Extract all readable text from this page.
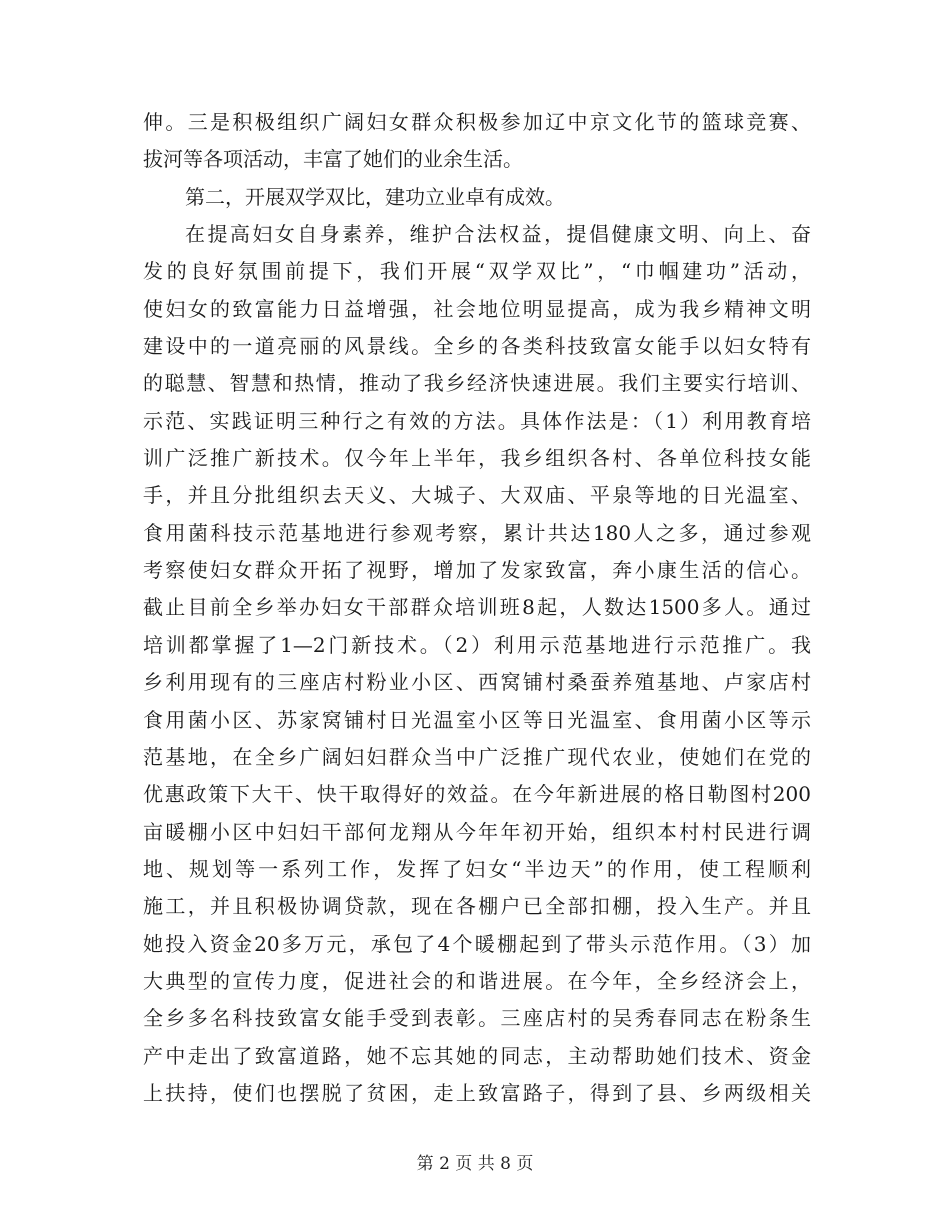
伸。三是积极组织广阔妇女群众积极参加辽中京文化节的篮球竞赛、
拔河等各项活动，丰富了她们的业余生活。
第二，开展双学双比，建功立业卓有成效。
在提高妇女自身素养，维护合法权益，提倡健康文明、向上、奋
发的良好氛围前提下，我们开展“双学双比”，“巾帼建功”活动，
使妇女的致富能力日益增强，社会地位明显提高，成为我乡精神文明
建设中的一道亮丽的风景线。全乡的各类科技致富女能手以妇女特有
的聪慧、智慧和热情，推动了我乡经济快速进展。我们主要实行培训、
示范、实践证明三种行之有效的方法。具体作法是：（1）利用教育培
训广泛推广新技术。仅今年上半年，我乡组织各村、各单位科技女能
手，并且分批组织去天义、大城子、大双庙、平泉等地的日光温室、
食用菌科技示范基地进行参观考察，累计共达180人之多，通过参观
考察使妇女群众开拓了视野，增加了发家致富，奔小康生活的信心。
截止目前全乡举办妇女干部群众培训班8起，人数达1500多人。通过
培训都掌握了1—2门新技术。（2）利用示范基地进行示范推广。我
乡利用现有的三座店村粉业小区、西窝铺村桑蚕养殖基地、卢家店村
食用菌小区、苏家窝铺村日光温室小区等日光温室、食用菌小区等示
范基地，在全乡广阔妇妇群众当中广泛推广现代农业，使她们在党的
优惠政策下大干、快干取得好的效益。在今年新进展的格日勒图村200
亩暖棚小区中妇妇干部何龙翔从今年年初开始，组织本村村民进行调
地、规划等一系列工作，发挥了妇女“半边天”的作用，使工程顺利
施工，并且积极协调贷款，现在各棚户已全部扣棚，投入生产。并且
她投入资金20多万元，承包了4个暖棚起到了带头示范作用。（3）加
大典型的宣传力度，促进社会的和谐进展。在今年，全乡经济会上，
全乡多名科技致富女能手受到表彰。三座店村的吴秀春同志在粉条生
产中走出了致富道路，她不忘其她的同志，主动帮助她们技术、资金
上扶持，使们也摆脱了贫困，走上致富路子，得到了县、乡两级相关
第 2 页 共 8 页
